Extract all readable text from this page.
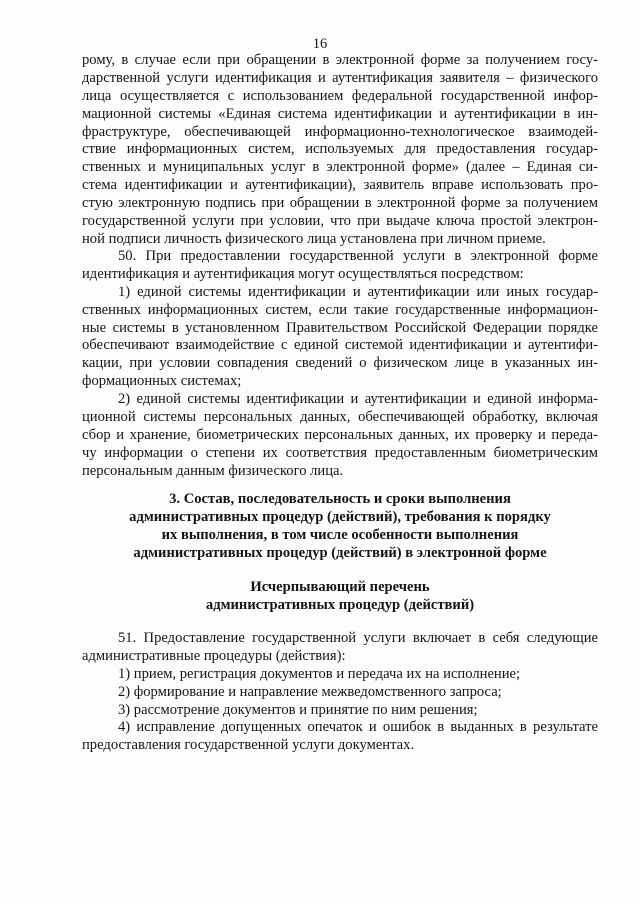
16
рому, в случае если при обращении в электронной форме за получением госу-
дарственной услуги идентификация и аутентификация заявителя – физического
лица осуществляется с использованием федеральной государственной инфор-
мационной системы «Единая система идентификации и аутентификации в ин-
фраструктуре, обеспечивающей информационно-технологическое взаимодей-
ствие информационных систем, используемых для предоставления государ-
ственных и муниципальных услуг в электронной форме» (далее – Единая си-
стема идентификации и аутентификации), заявитель вправе использовать про-
стую электронную подпись при обращении в электронной форме за получением
государственной услуги при условии, что при выдаче ключа простой электрон-
ной подписи личность физического лица установлена при личном приеме.
50. При предоставлении государственной услуги в электронной форме
идентификация и аутентификация могут осуществляться посредством:
1) единой системы идентификации и аутентификации или иных государ-
ственных информационных систем, если такие государственные информацион-
ные системы в установленном Правительством Российской Федерации порядке
обеспечивают взаимодействие с единой системой идентификации и аутентифи-
кации, при условии совпадения сведений о физическом лице в указанных ин-
формационных системах;
2) единой системы идентификации и аутентификации и единой информа-
ционной системы персональных данных, обеспечивающей обработку, включая
сбор и хранение, биометрических персональных данных, их проверку и переда-
чу информации о степени их соответствия предоставленным биометрическим
персональным данным физического лица.
3. Состав, последовательность и сроки выполнения
административных процедур (действий), требования к порядку
их выполнения, в том числе особенности выполнения
административных процедур (действий) в электронной форме
Исчерпывающий перечень
административных процедур (действий)
51. Предоставление государственной услуги включает в себя следующие
административные процедуры (действия):
1) прием, регистрация документов и передача их на исполнение;
2) формирование и направление межведомственного запроса;
3) рассмотрение документов и принятие по ним решения;
4) исправление допущенных опечаток и ошибок в выданных в результате
предоставления государственной услуги документах.
